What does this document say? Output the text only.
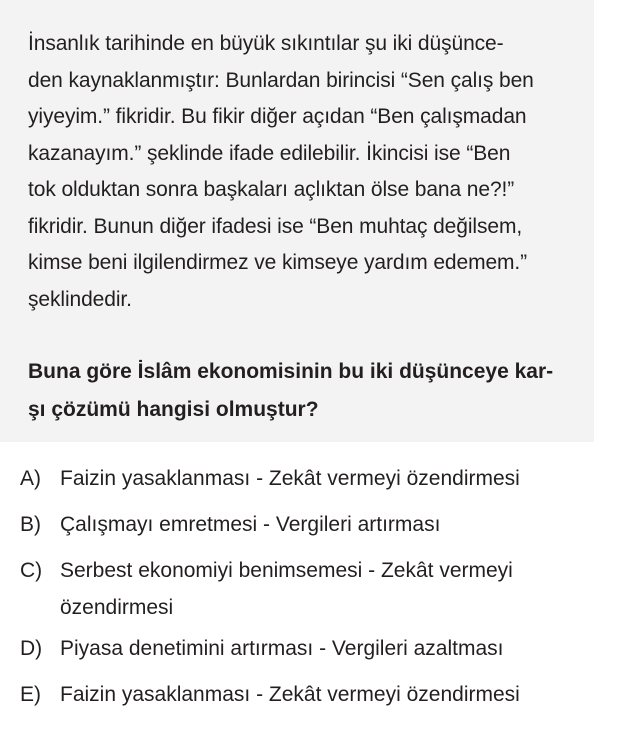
İnsanlık tarihinde en büyük sıkıntılar şu iki düşünce-
den kaynaklanmıştır: Bunlardan birincisi “Sen çalış ben
yiyeyim.” fikridir. Bu fikir diğer açıdan “Ben çalışmadan
kazanayım.” şeklinde ifade edilebilir. İkincisi ise “Ben
tok olduktan sonra başkaları açlıktan ölse bana ne?!”
fikridir. Bunun diğer ifadesi ise “Ben muhtaç değilsem,
kimse beni ilgilendirmez ve kimseye yardım edemem.”
şeklindedir.
Buna göre İslâm ekonomisinin bu iki düşünceye kar-
şı çözümü hangisi olmuştur?
A) Faizin yasaklanması - Zekât vermeyi özendirmesi
B) Çalışmayı emretmesi - Vergileri artırması
C) Serbest ekonomiyi benimsemesi - Zekât vermeyi
özendirmesi
D) Piyasa denetimini artırması - Vergileri azaltması
E) Faizin yasaklanması - Zekât vermeyi özendirmesi
